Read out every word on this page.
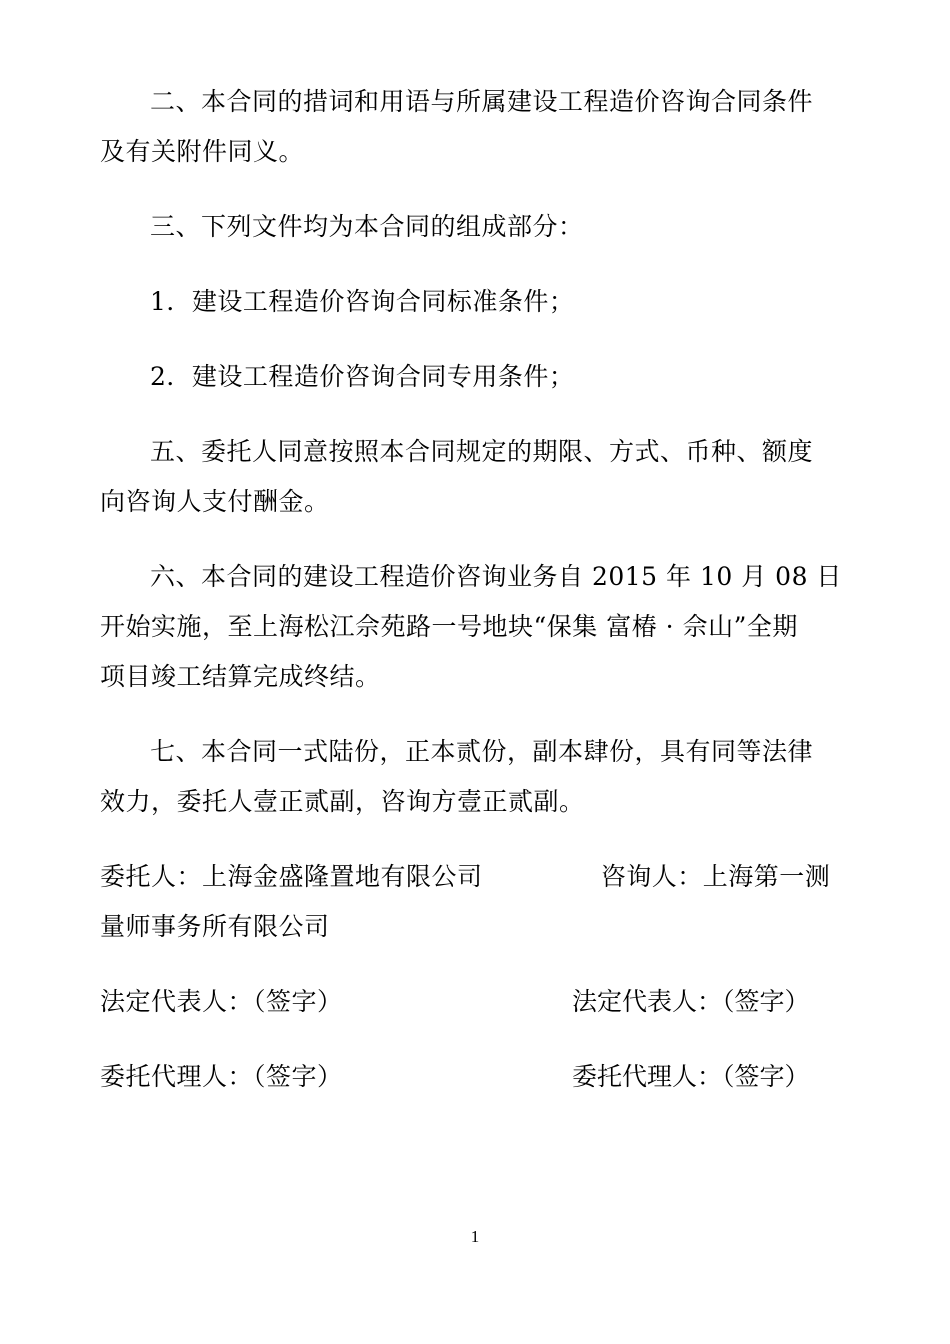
二、本合同的措词和用语与所属建设工程造价咨询合同条件
及有关附件同义。
三、下列文件均为本合同的组成部分：
1．建设工程造价咨询合同标准条件；
2．建设工程造价咨询合同专用条件；
五、委托人同意按照本合同规定的期限、方式、币种、额度
向咨询人支付酬金。
六、本合同的建设工程造价咨询业务自 2015 年 10 月 08 日
开始实施，至上海松江佘苑路一号地块“保集 富椿 · 佘山”全期
项目竣工结算完成终结。
七、本合同一式陆份，正本贰份，副本肆份，具有同等法律
效力，委托人壹正贰副，咨询方壹正贰副。
委托人：上海金盛隆置地有限公司              咨询人：上海第一测
量师事务所有限公司
法定代表人：（签字）	法定代表人：（签字）
委托代理人：（签字）	委托代理人：（签字）
1
